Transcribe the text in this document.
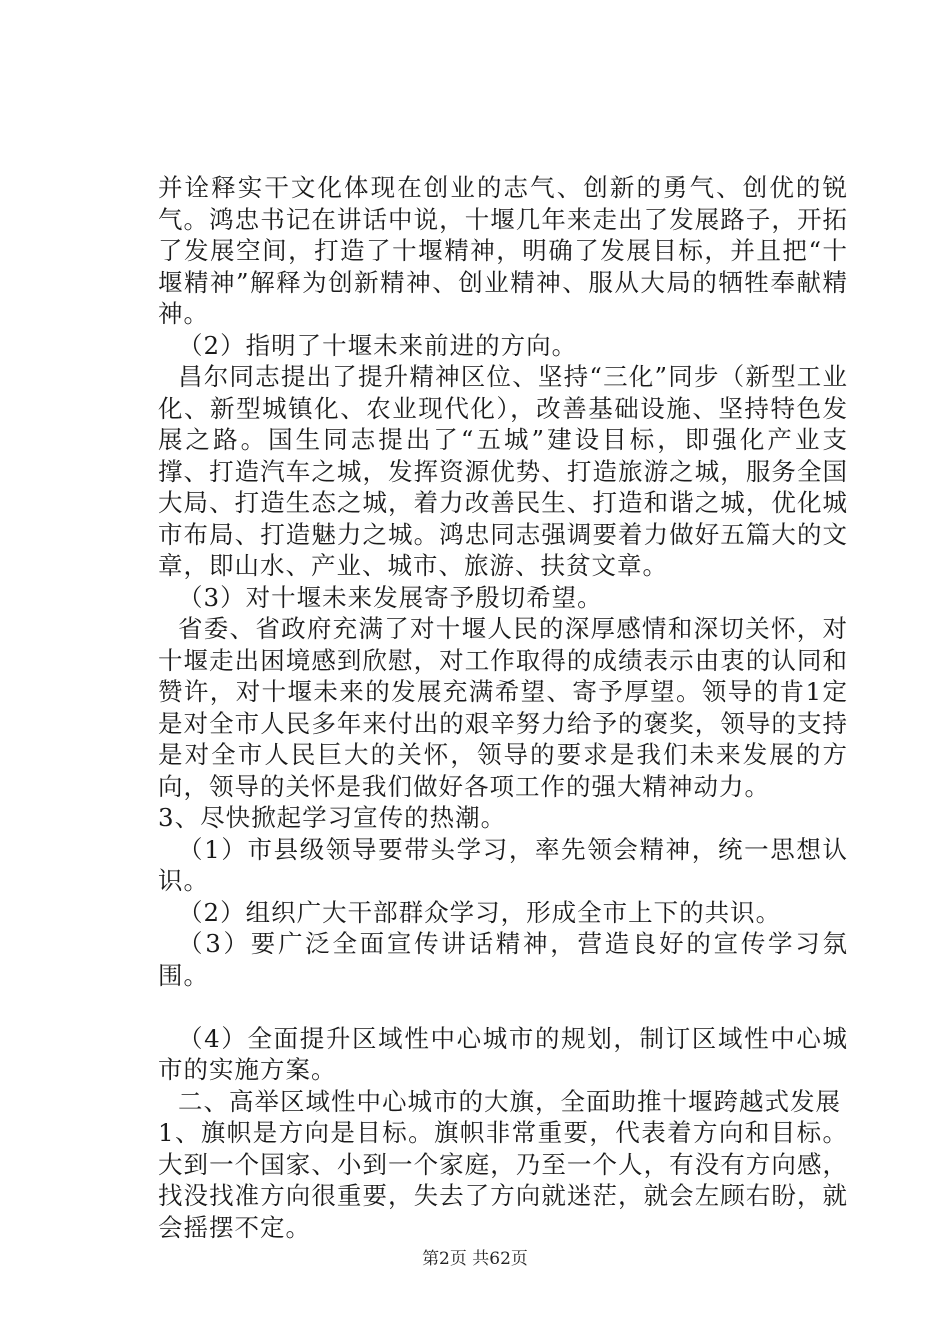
并诠释实干文化体现在创业的志气、创新的勇气、创优的锐气。鸿忠书记在讲话中说，十堰几年来走出了发展路子，开拓了发展空间，打造了十堰精神，明确了发展目标，并且把“十堰精神”解释为创新精神、创业精神、服从大局的牺牲奉献精神。

（2）指明了十堰未来前进的方向。

昌尔同志提出了提升精神区位、坚持“三化”同步（新型工业化、新型城镇化、农业现代化），改善基础设施、坚持特色发展之路。国生同志提出了“五城”建设目标，即强化产业支撑、打造汽车之城，发挥资源优势、打造旅游之城，服务全国大局、打造生态之城，着力改善民生、打造和谐之城，优化城市布局、打造魅力之城。鸿忠同志强调要着力做好五篇大的文章，即山水、产业、城市、旅游、扶贫文章。

（3）对十堰未来发展寄予殷切希望。

省委、省政府充满了对十堰人民的深厚感情和深切关怀，对十堰走出困境感到欣慰，对工作取得的成绩表示由衷的认同和赞许，对十堰未来的发展充满希望、寄予厚望。领导的肯1定是对全市人民多年来付出的艰辛努力给予的褒奖，领导的支持是对全市人民巨大的关怀，领导的要求是我们未来发展的方向，领导的关怀是我们做好各项工作的强大精神动力。

3、尽快掀起学习宣传的热潮。

（1）市县级领导要带头学习，率先领会精神，统一思想认识。

（2）组织广大干部群众学习，形成全市上下的共识。

（3）要广泛全面宣传讲话精神，营造良好的宣传学习氛围。

（4）全面提升区域性中心城市的规划，制订区域性中心城市的实施方案。

二、高举区域性中心城市的大旗，全面助推十堰跨越式发展

1、旗帜是方向是目标。旗帜非常重要，代表着方向和目标。大到一个国家、小到一个家庭，乃至一个人，有没有方向感，找没找准方向很重要，失去了方向就迷茫，就会左顾右盼，就会摇摆不定。

第2页 共62页
